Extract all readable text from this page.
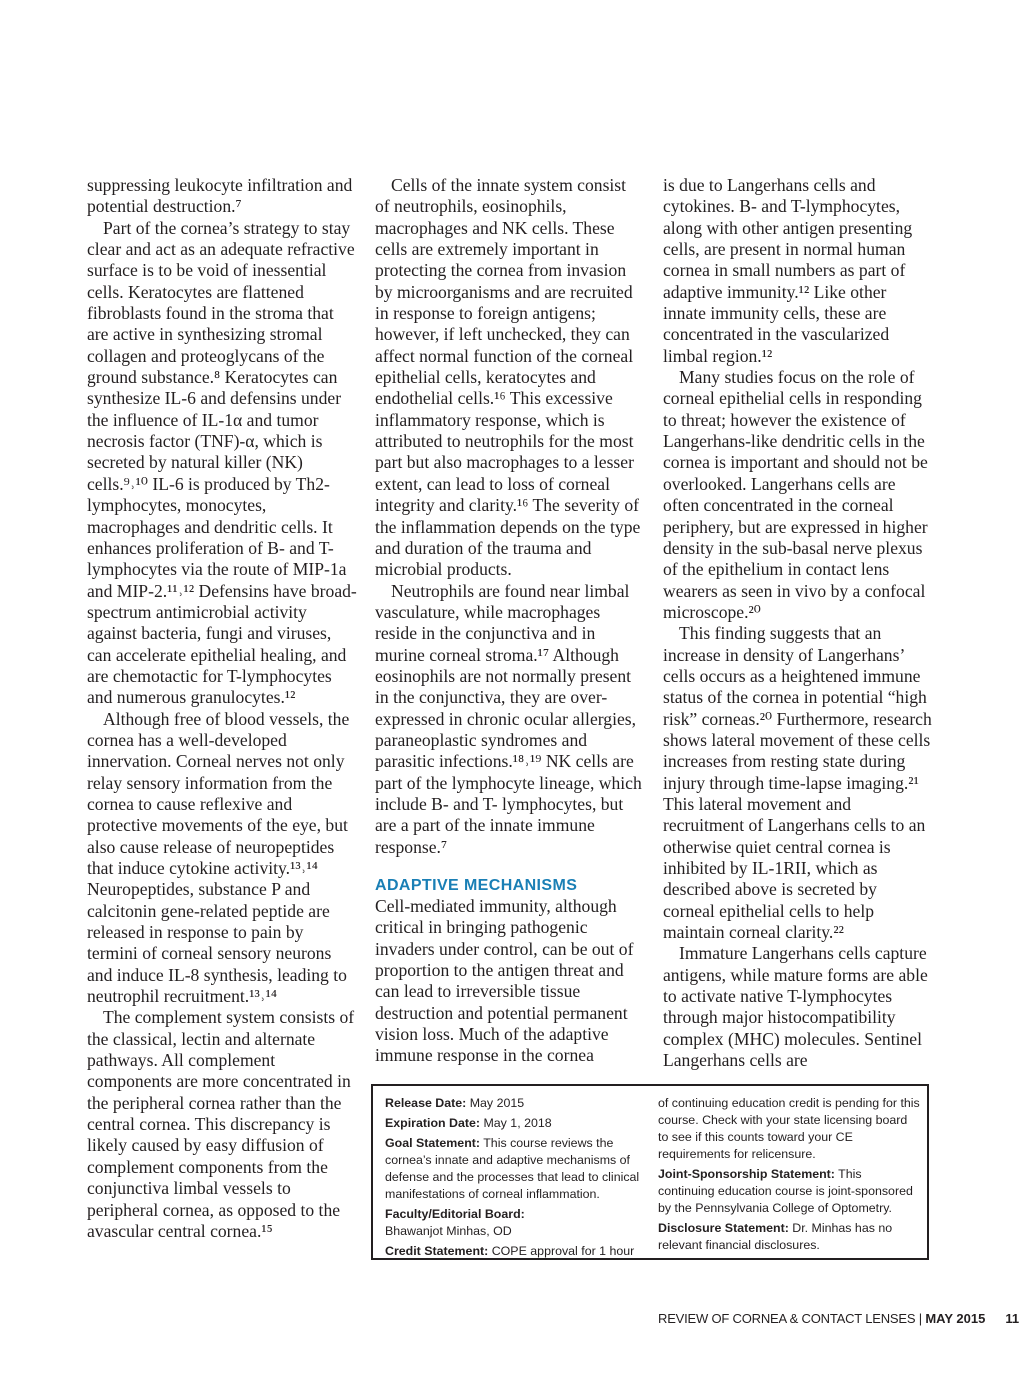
suppressing leukocyte infiltration and potential destruction.⁷

Part of the cornea’s strategy to stay clear and act as an adequate refractive surface is to be void of inessential cells. Keratocytes are flattened fibroblasts found in the stroma that are active in synthesizing stromal collagen and proteoglycans of the ground substance.⁸ Keratocytes can synthesize IL-6 and defensins under the influence of IL-1α and tumor necrosis factor (TNF)-α, which is secreted by natural killer (NK) cells.⁹˒¹⁰ IL-6 is produced by Th2-lymphocytes, monocytes, macrophages and dendritic cells. It enhances proliferation of B- and T-lymphocytes via the route of MIP-1a and MIP-2.¹¹˒¹² Defensins have broad-spectrum antimicrobial activity against bacteria, fungi and viruses, can accelerate epithelial healing, and are chemotactic for T-lymphocytes and numerous granulocytes.¹²

Although free of blood vessels, the cornea has a well-developed innervation. Corneal nerves not only relay sensory information from the cornea to cause reflexive and protective movements of the eye, but also cause release of neuropeptides that induce cytokine activity.¹³˒¹⁴ Neuropeptides, substance P and calcitonin gene-related peptide are released in response to pain by termini of corneal sensory neurons and induce IL-8 synthesis, leading to neutrophil recruitment.¹³˒¹⁴

The complement system consists of the classical, lectin and alternate pathways. All complement components are more concentrated in the peripheral cornea rather than the central cornea. This discrepancy is likely caused by easy diffusion of complement components from the conjunctiva limbal vessels to peripheral cornea, as opposed to the avascular central cornea.¹⁵

Cells of the innate system consist of neutrophils, eosinophils, macrophages and NK cells. These cells are extremely important in protecting the cornea from invasion by microorganisms and are recruited in response to foreign antigens; however, if left unchecked, they can affect normal function of the corneal epithelial cells, keratocytes and endothelial cells.¹⁶ This excessive inflammatory response, which is attributed to neutrophils for the most part but also macrophages to a lesser extent, can lead to loss of corneal integrity and clarity.¹⁶ The severity of the inflammation depends on the type and duration of the trauma and microbial products.

Neutrophils are found near limbal vasculature, while macrophages reside in the conjunctiva and in murine corneal stroma.¹⁷ Although eosinophils are not normally present in the conjunctiva, they are over-expressed in chronic ocular allergies, paraneoplastic syndromes and parasitic infections.¹⁸˒¹⁹ NK cells are part of the lymphocyte lineage, which include B- and T- lymphocytes, but are a part of the innate immune response.⁷

ADAPTIVE MECHANISMS

Cell-mediated immunity, although critical in bringing pathogenic invaders under control, can be out of proportion to the antigen threat and can lead to irreversible tissue destruction and potential permanent vision loss. Much of the adaptive immune response in the cornea

is due to Langerhans cells and cytokines. B- and T-lymphocytes, along with other antigen presenting cells, are present in normal human cornea in small numbers as part of adaptive immunity.¹² Like other innate immunity cells, these are concentrated in the vascularized limbal region.¹²

Many studies focus on the role of corneal epithelial cells in responding to threat; however the existence of Langerhans-like dendritic cells in the cornea is important and should not be overlooked. Langerhans cells are often concentrated in the corneal periphery, but are expressed in higher density in the sub-basal nerve plexus of the epithelium in contact lens wearers as seen in vivo by a confocal microscope.²⁰

This finding suggests that an increase in density of Langerhans’ cells occurs as a heightened immune status of the cornea in potential “high risk” corneas.²⁰ Furthermore, research shows lateral movement of these cells increases from resting state during injury through time-lapse imaging.²¹ This lateral movement and recruitment of Langerhans cells to an otherwise quiet central cornea is inhibited by IL-1RII, which as described above is secreted by corneal epithelial cells to help maintain corneal clarity.²²

Immature Langerhans cells capture antigens, while mature forms are able to activate native T-lymphocytes through major histocompatibility complex (MHC) molecules. Sentinel Langerhans cells are

Release Date: May 2015

Expiration Date: May 1, 2018

Goal Statement: This course reviews the cornea’s innate and adaptive mechanisms of defense and the processes that lead to clinical manifestations of corneal inflammation.

Faculty/Editorial Board:
Bhawanjot Minhas, OD

Credit Statement: COPE approval for 1 hour

of continuing education credit is pending for this course. Check with your state licensing board to see if this counts toward your CE requirements for relicensure.

Joint-Sponsorship Statement: This continuing education course is joint-sponsored by the Pennsylvania College of Optometry.

Disclosure Statement: Dr. Minhas has no relevant financial disclosures.

REVIEW OF CORNEA & CONTACT LENSES | MAY 2015 11
